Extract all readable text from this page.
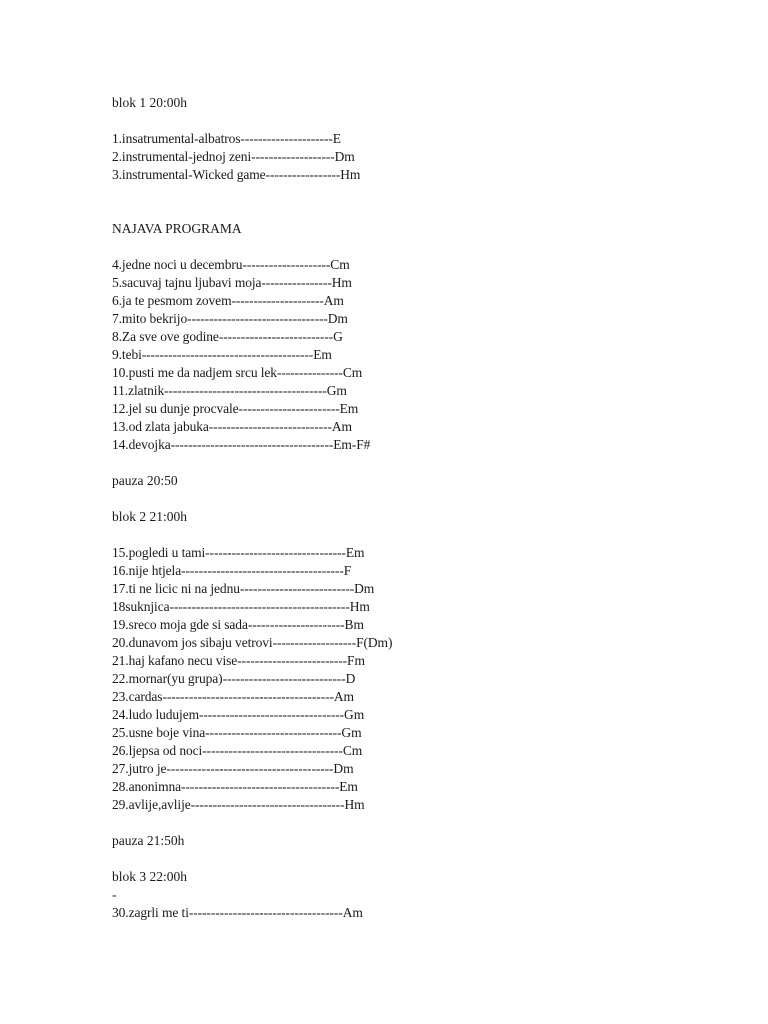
blok 1 20:00h
1.insatrumental-albatros---------------------E
2.instrumental-jednoj zeni-------------------Dm
3.instrumental-Wicked game-----------------Hm
NAJAVA PROGRAMA
4.jedne noci u decembru--------------------Cm
5.sacuvaj tajnu ljubavi moja----------------Hm
6.ja te pesmom zovem---------------------Am
7.mito bekrijo--------------------------------Dm
8.Za sve ove godine--------------------------G
9.tebi---------------------------------------Em
10.pusti me da nadjem srcu lek---------------Cm
11.zlatnik-------------------------------------Gm
12.jel su dunje procvale-----------------------Em
13.od zlata jabuka----------------------------Am
14.devojka-------------------------------------Em-F#
pauza 20:50
blok 2 21:00h
15.pogledi u tami--------------------------------Em
16.nije htjela-------------------------------------F
17.ti ne licic ni na jednu--------------------------Dm
18suknjica-----------------------------------------Hm
19.sreco moja gde si sada----------------------Bm
20.dunavom jos sibaju vetrovi-------------------F(Dm)
21.haj kafano necu vise-------------------------Fm
22.mornar(yu grupa)----------------------------D
23.cardas---------------------------------------Am
24.ludo ludujem---------------------------------Gm
25.usne boje vina-------------------------------Gm
26.ljepsa od noci--------------------------------Cm
27.jutro je--------------------------------------Dm
28.anonimna------------------------------------Em
29.avlije,avlije-----------------------------------Hm
pauza 21:50h
blok 3 22:00h
-
30.zagrli me ti-----------------------------------Am
